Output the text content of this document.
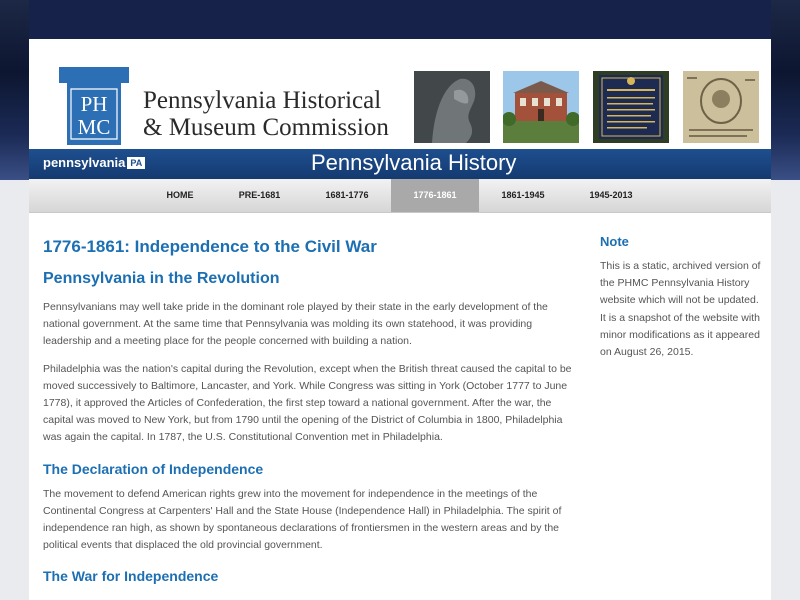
PH
MC
Pennsylvania Historical
& Museum Commission
pennsylvania PA	Pennsylvania History
HOME	PRE-1681	1681-1776	1776-1861	1861-1945	1945-2013
1776-1861: Independence to the Civil War
Pennsylvania in the Revolution

Pennsylvanians may well take pride in the dominant role played by their state in the early development of the national government. At the same time that Pennsylvania was molding its own statehood, it was providing leadership and a meeting place for the people concerned with building a nation.

Philadelphia was the nation's capital during the Revolution, except when the British threat caused the capital to be moved successively to Baltimore, Lancaster, and York. While Congress was sitting in York (October 1777 to June 1778), it approved the Articles of Confederation, the first step toward a national government. After the war, the capital was moved to New York, but from 1790 until the opening of the District of Columbia in 1800, Philadelphia was again the capital. In 1787, the U.S. Constitutional Convention met in Philadelphia.

The Declaration of Independence

The movement to defend American rights grew into the movement for independence in the meetings of the Continental Congress at Carpenters' Hall and the State House (Independence Hall) in Philadelphia. The spirit of independence ran high, as shown by spontaneous declarations of frontiersmen in the western areas and by the political events that displaced the old provincial government.

The War for Independence
Note

This is a static, archived version of the PHMC Pennsylvania History website which will not be updated. It is a snapshot of the website with minor modifications as it appeared on August 26, 2015.
